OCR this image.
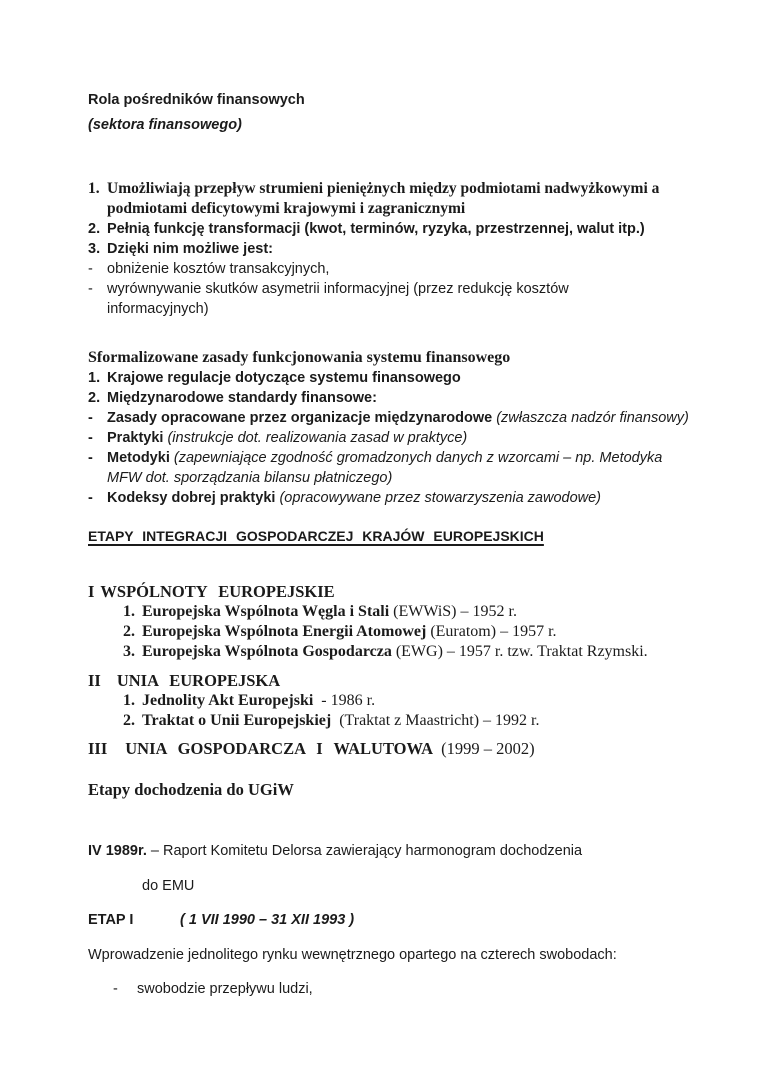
Rola pośredników finansowych
(sektora finansowego)
1. Umożliwiają przepływ strumieni pieniężnych między podmiotami nadwyżkowymi a
podmiotami deficytowymi krajowymi i zagranicznymi
2. Pełnią funkcję transformacji (kwot, terminów, ryzyka, przestrzennej, walut itp.)
3. Dzięki nim możliwe jest:
- obniżenie kosztów transakcyjnych,
- wyrównywanie skutków asymetrii informacyjnej (przez redukcję kosztów
informacyjnych)
Sformalizowane zasady funkcjonowania systemu finansowego
1. Krajowe regulacje dotyczące systemu finansowego
2. Międzynarodowe standardy finansowe:
- Zasady opracowane przez organizacje międzynarodowe (zwłaszcza nadzór finansowy)
- Praktyki (instrukcje dot. realizowania zasad w praktyce)
- Metodyki (zapewniające zgodność gromadzonych danych z wzorcami – np. Metodyka
MFW dot. sporządzania bilansu płatniczego)
- Kodeksy dobrej praktyki (opracowywane przez stowarzyszenia zawodowe)
ETAPY INTEGRACJI GOSPODARCZEJ KRAJÓW EUROPEJSKICH
I WSPÓLNOTY EUROPEJSKIE
1. Europejska Wspólnota Węgla i Stali (EWWiS) – 1952 r.
2. Europejska Wspólnota Energii Atomowej (Euratom) – 1957 r.
3. Europejska Wspólnota Gospodarcza (EWG) – 1957 r. tzw. Traktat Rzymski.
II UNIA EUROPEJSKA
1. Jednolity Akt Europejski - 1986 r.
2. Traktat o Unii Europejskiej (Traktat z Maastricht) – 1992 r.
III UNIA GOSPODARCZA I WALUTOWA (1999 – 2002)
Etapy dochodzenia do UGiW
IV 1989r. – Raport Komitetu Delorsa zawierający harmonogram dochodzenia
do EMU
ETAP I	( 1 VII 1990 – 31 XII 1993 )
Wprowadzenie jednolitego rynku wewnętrznego opartego na czterech swobodach:
-	swobodzie przepływu ludzi,
